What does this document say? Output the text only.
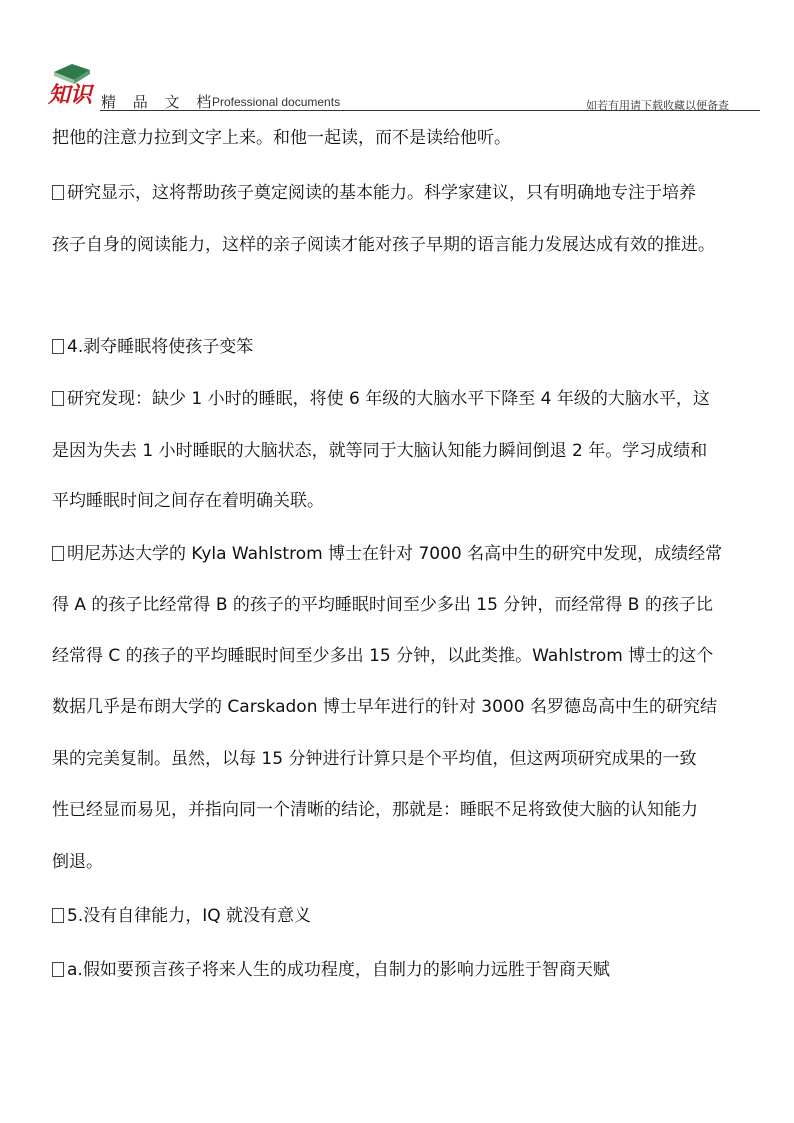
知识 精 品 文 档
Professional documents	如若有用请下载收藏以便备查
把他的注意力拉到文字上来。和他一起读，而不是读给他听。
研究显示，这将帮助孩子奠定阅读的基本能力。科学家建议，只有明确地专注于培养
孩子自身的阅读能力，这样的亲子阅读才能对孩子早期的语言能力发展达成有效的推进。
4.剥夺睡眠将使孩子变笨
研究发现：缺少 1 小时的睡眠，将使 6 年级的大脑水平下降至 4 年级的大脑水平，这
是因为失去 1 小时睡眠的大脑状态，就等同于大脑认知能力瞬间倒退 2 年。学习成绩和
平均睡眠时间之间存在着明确关联。
明尼苏达大学的 Kyla Wahlstrom 博士在针对 7000 名高中生的研究中发现，成绩经常
得 A 的孩子比经常得 B 的孩子的平均睡眠时间至少多出 15 分钟，而经常得 B 的孩子比
经常得 C 的孩子的平均睡眠时间至少多出 15 分钟，以此类推。Wahlstrom 博士的这个
数据几乎是布朗大学的 Carskadon 博士早年进行的针对 3000 名罗德岛高中生的研究结
果的完美复制。虽然，以每 15 分钟进行计算只是个平均值，但这两项研究成果的一致
性已经显而易见，并指向同一个清晰的结论，那就是：睡眠不足将致使大脑的认知能力
倒退。
5.没有自律能力，IQ 就没有意义
a.假如要预言孩子将来人生的成功程度，自制力的影响力远胜于智商天赋
